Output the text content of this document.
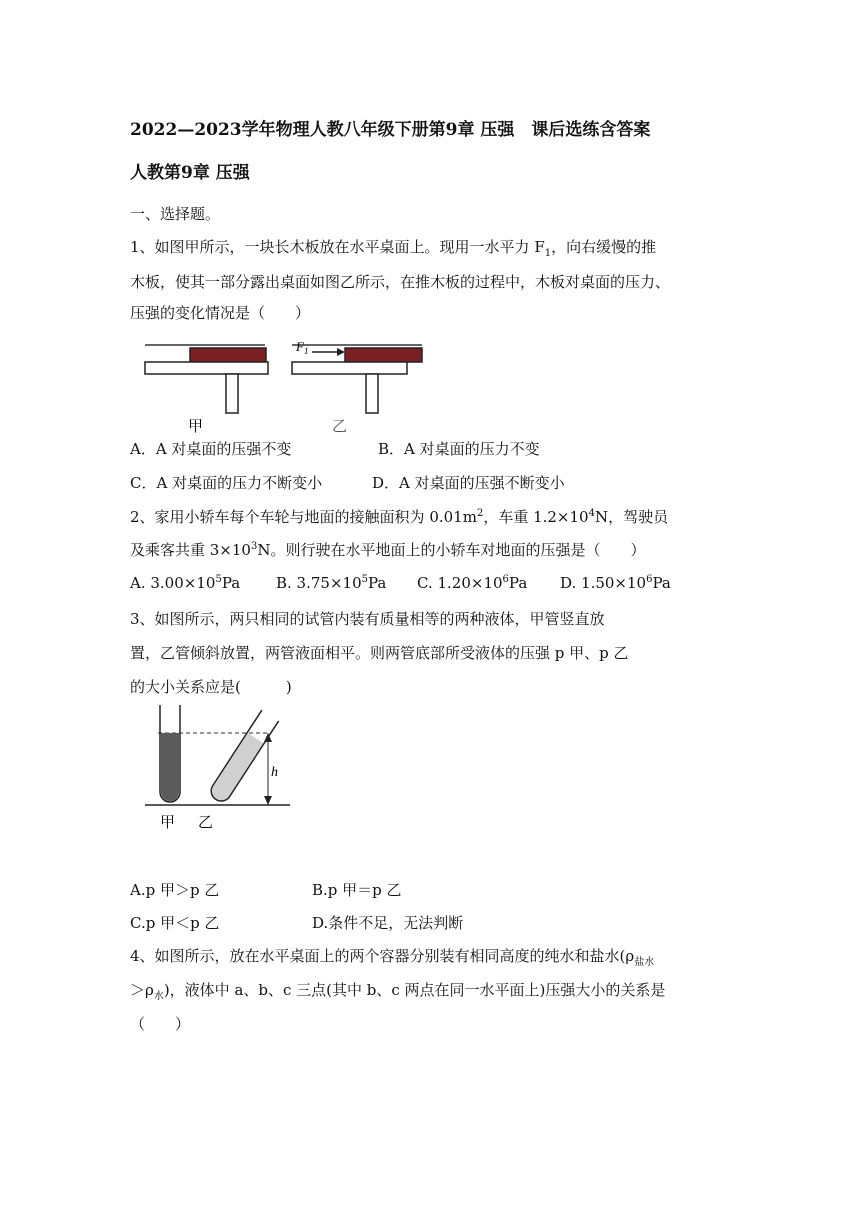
2022—2023学年物理人教八年级下册第9章 压强　课后选练含答案
人教第9章 压强
一、选择题。
1、如图甲所示，一块长木板放在水平桌面上。现用一水平力 $F_1$，向右缓慢的推
木板，使其一部分露出桌面如图乙所示，在推木板的过程中，木板对桌面的压力、
压强的变化情况是（　　）
甲
$F_1$
乙
A．A 对桌面的压强不变	B．A 对桌面的压力不变
C．A 对桌面的压力不断变小	D．A 对桌面的压强不断变小
2、家用小轿车每个车轮与地面的接触面积为 $0.01m^2$，车重 $1.2\times 10^4N$，驾驶员
及乘客共重 $3\times 10^3N$。则行驶在水平地面上的小轿车对地面的压强是（　　）
A. $3.00\times 10^5Pa$ B. $3.75\times 10^5Pa$ C. $1.20\times 10^6Pa$ D. $1.50\times 10^6Pa$
3、如图所示，两只相同的试管内装有质量相等的两种液体，甲管竖直放
置，乙管倾斜放置，两管液面相平。则两管底部所受液体的压强 p 甲、p 乙
的大小关系应是(　　　)
h
甲 乙
A.p 甲＞p 乙	B.p 甲＝p 乙
C.p 甲＜p 乙	D.条件不足，无法判断
4、如图所示，放在水平桌面上的两个容器分别装有相同高度的纯水和盐水($\rho_{盐水}$
$>\rho_水$)，液体中 a、b、c 三点(其中 b、c 两点在同一水平面上)压强大小的关系是
（　　）
